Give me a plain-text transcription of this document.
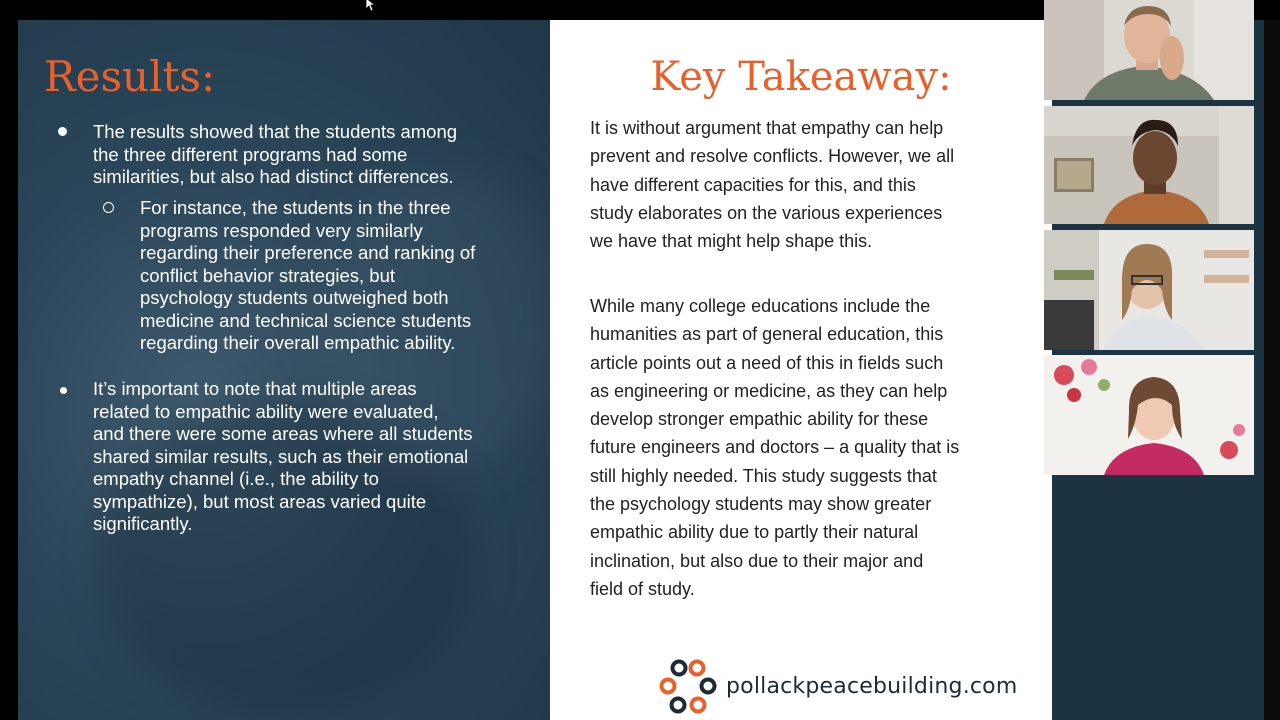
Results:
The results showed that the students among
the three different programs had some
similarities, but also had distinct differences.
For instance, the students in the three
programs responded very similarly
regarding their preference and ranking of
conflict behavior strategies, but
psychology students outweighed both
medicine and technical science students
regarding their overall empathic ability.
It’s important to note that multiple areas
related to empathic ability were evaluated,
and there were some areas where all students
shared similar results, such as their emotional
empathy channel (i.e., the ability to
sympathize), but most areas varied quite
significantly.
Key Takeaway:
It is without argument that empathy can help
prevent and resolve conflicts. However, we all
have different capacities for this, and this
study elaborates on the various experiences
we have that might help shape this.
While many college educations include the
humanities as part of general education, this
article points out a need of this in fields such
as engineering or medicine, as they can help
develop stronger empathic ability for these
future engineers and doctors – a quality that is
still highly needed. This study suggests that
the psychology students may show greater
empathic ability due to partly their natural
inclination, but also due to their major and
field of study.
pollackpeacebuilding.com
